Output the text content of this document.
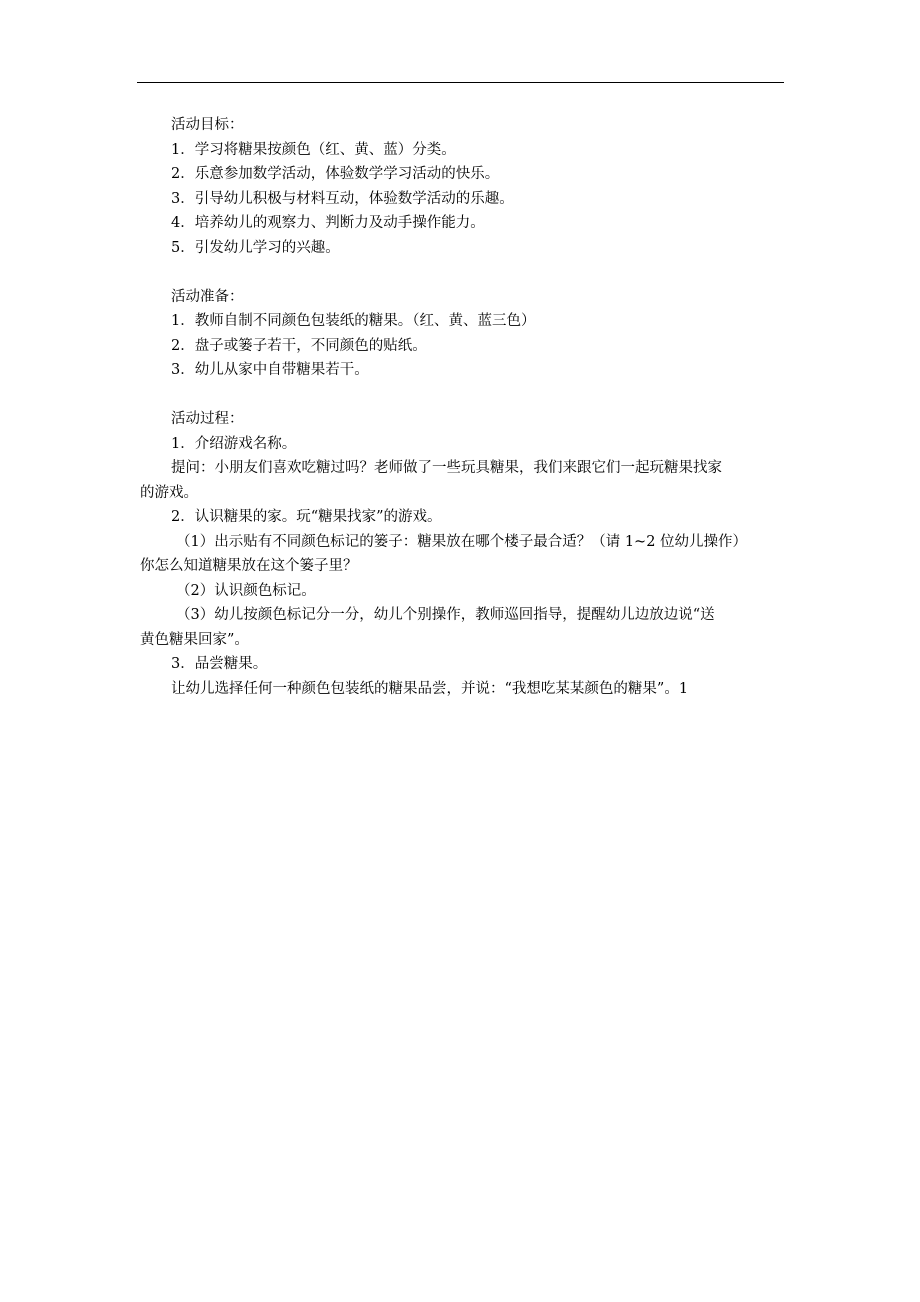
活动目标：
1．学习将糖果按颜色（红、黄、蓝）分类。
2．乐意参加数学活动，体验数学学习活动的快乐。
3．引导幼儿积极与材料互动，体验数学活动的乐趣。
4．培养幼儿的观察力、判断力及动手操作能力。
5．引发幼儿学习的兴趣。
活动准备：
1．教师自制不同颜色包装纸的糖果。（红、黄、蓝三色）
2．盘子或篓子若干，不同颜色的贴纸。
3．幼儿从家中自带糖果若干。
活动过程：
1．介绍游戏名称。
提问：小朋友们喜欢吃糖过吗？老师做了一些玩具糖果，我们来跟它们一起玩糖果找家
的游戏。
2．认识糖果的家。玩“糖果找家”的游戏。
（1）出示贴有不同颜色标记的篓子：糖果放在哪个楼子最合适？（请 1~2 位幼儿操作）
你怎么知道糖果放在这个篓子里？
（2）认识颜色标记。
（3）幼儿按颜色标记分一分，幼儿个别操作，教师巡回指导，提醒幼儿边放边说“送
黄色糖果回家”。
3．品尝糖果。
让幼儿选择任何一种颜色包装纸的糖果品尝，并说：“我想吃某某颜色的糖果”。1
